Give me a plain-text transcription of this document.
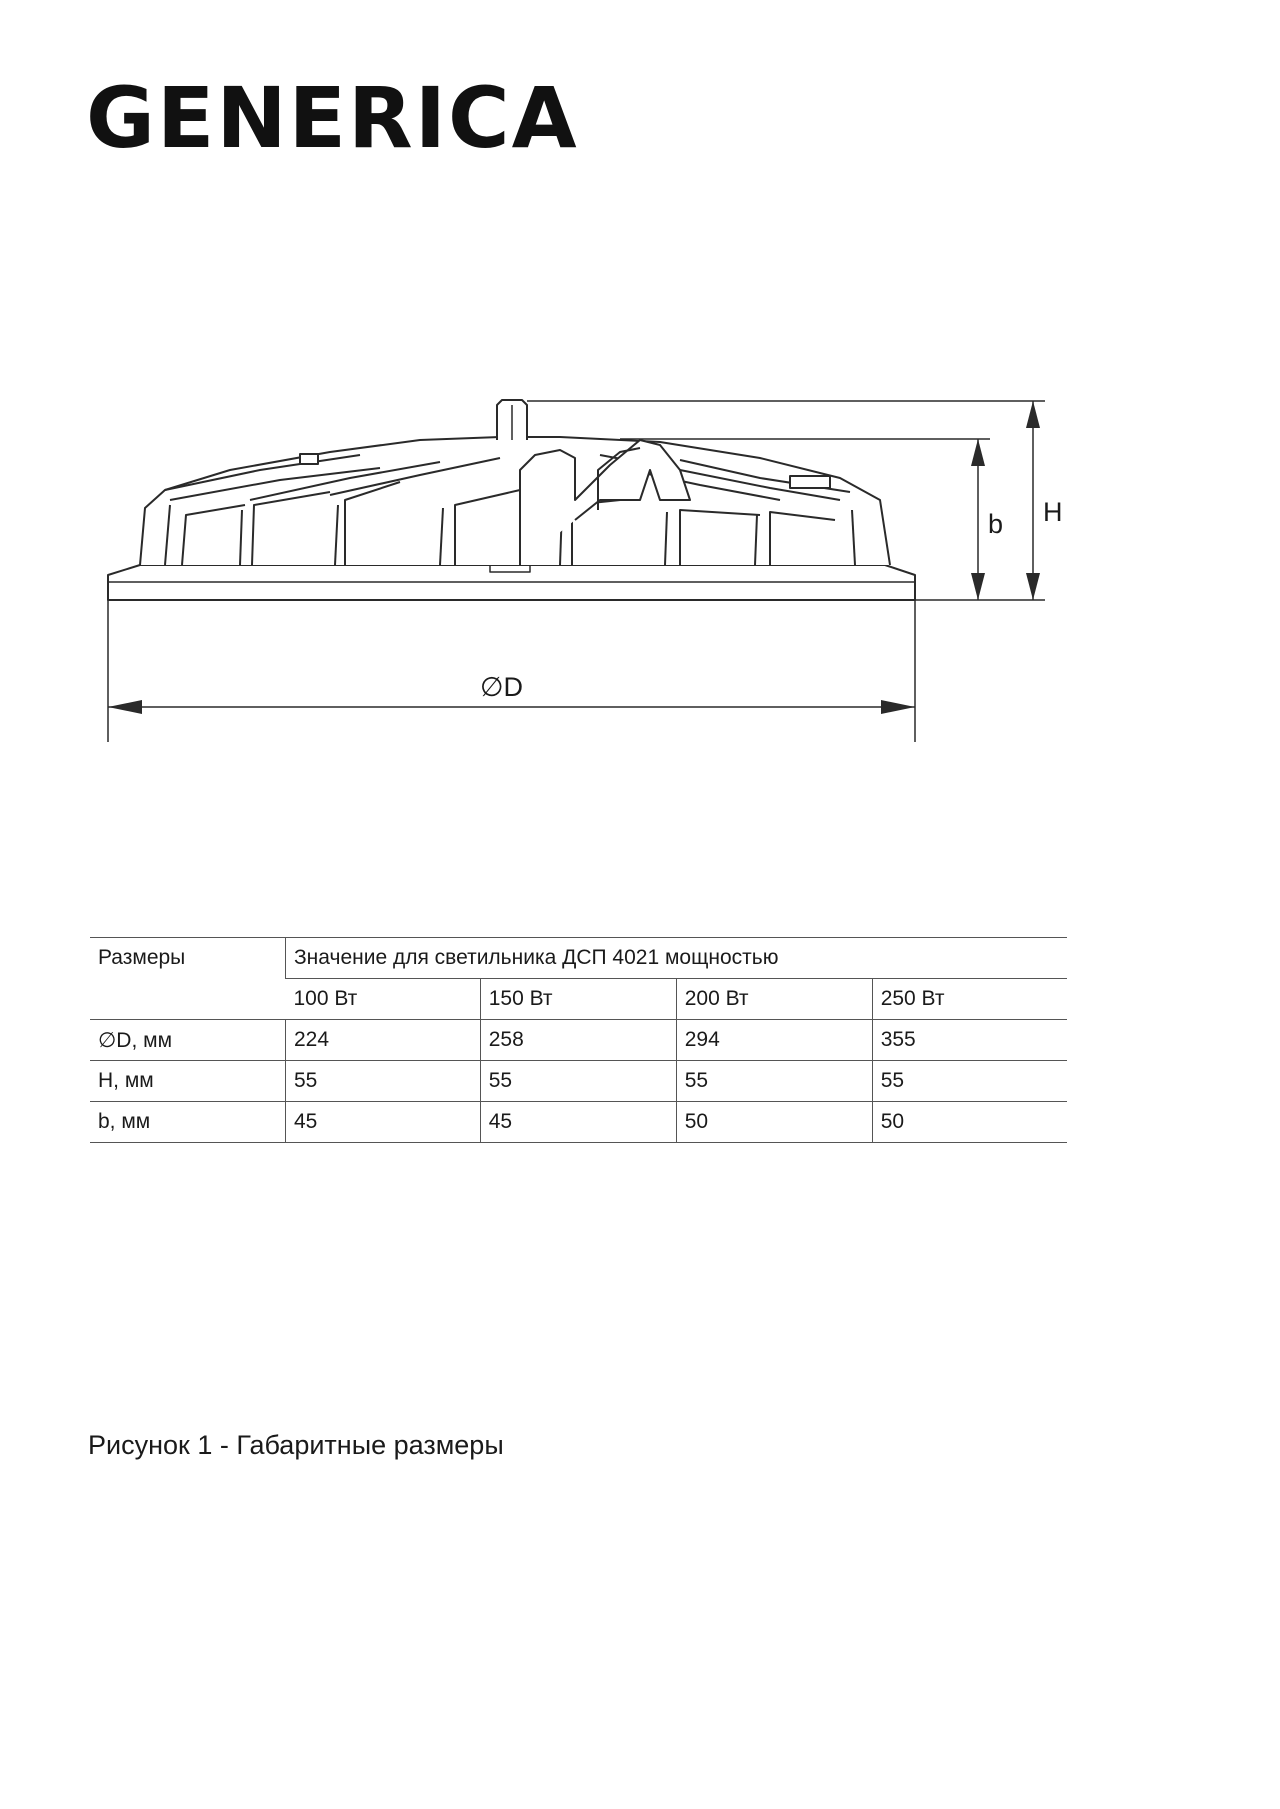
GENERICA
∅D
b H
Размеры	Значение для светильника ДСП 4021 мощностью			
	100 Вт	150 Вт	200 Вт	250 Вт
∅D, мм	224	258	294	355
H, мм	55	55	55	55
b, мм	45	45	50	50
Рисунок 1 - Габаритные размеры
